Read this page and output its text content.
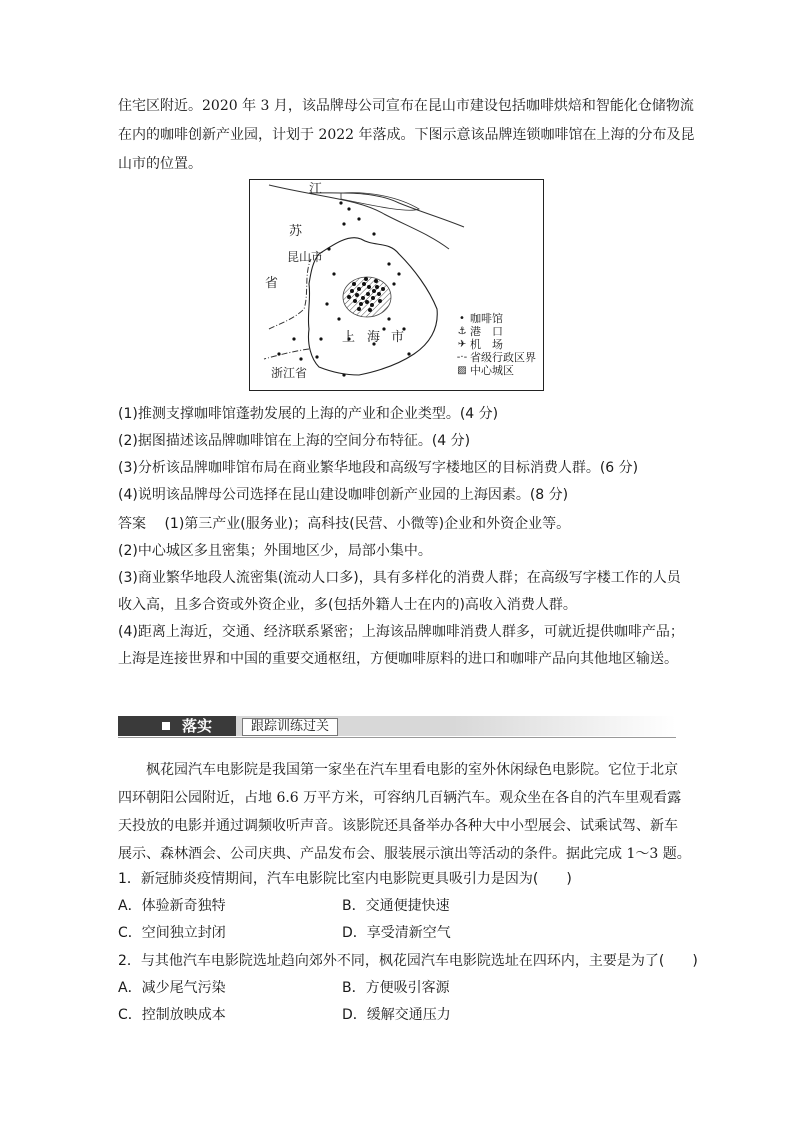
住宅区附近。2020 年 3 月，该品牌母公司宣布在昆山市建设包括咖啡烘焙和智能化仓储物流
在内的咖啡创新产业园，计划于 2022 年落成。下图示意该品牌连锁咖啡馆在上海的分布及昆
山市的位置。
江
苏
昆山市
省
上 海 市
浙江省
• 咖啡馆
⚓ 港　口
✈ 机　场
-·- 省级行政区界
▨ 中心城区
(1)推测支撑咖啡馆蓬勃发展的上海的产业和企业类型。(4 分)
(2)据图描述该品牌咖啡馆在上海的空间分布特征。(4 分)
(3)分析该品牌咖啡馆布局在商业繁华地段和高级写字楼地区的目标消费人群。(6 分)
(4)说明该品牌母公司选择在昆山建设咖啡创新产业园的上海因素。(8 分)
答案 (1)第三产业(服务业)；高科技(民营、小微等)企业和外资企业等。
(2)中心城区多且密集；外围地区少，局部小集中。
(3)商业繁华地段人流密集(流动人口多)，具有多样化的消费人群；在高级写字楼工作的人员
收入高，且多合资或外资企业，多(包括外籍人士在内的)高收入消费人群。
(4)距离上海近，交通、经济联系紧密；上海该品牌咖啡消费人群多，可就近提供咖啡产品；
上海是连接世界和中国的重要交通枢纽，方便咖啡原料的进口和咖啡产品向其他地区输送。
落实	跟踪训练过关
枫花园汽车电影院是我国第一家坐在汽车里看电影的室外休闲绿色电影院。它位于北京
四环朝阳公园附近，占地 6.6 万平方米，可容纳几百辆汽车。观众坐在各自的汽车里观看露
天投放的电影并通过调频收听声音。该影院还具备举办各种大中小型展会、试乘试驾、新车
展示、森林酒会、公司庆典、产品发布会、服装展示演出等活动的条件。据此完成 1～3 题。
1．新冠肺炎疫情期间，汽车电影院比室内电影院更具吸引力是因为(　　)
A．体验新奇独特	B．交通便捷快速
C．空间独立封闭	D．享受清新空气
2．与其他汽车电影院选址趋向郊外不同，枫花园汽车电影院选址在四环内，主要是为了(　　)
A．减少尾气污染	B．方便吸引客源
C．控制放映成本	D．缓解交通压力
